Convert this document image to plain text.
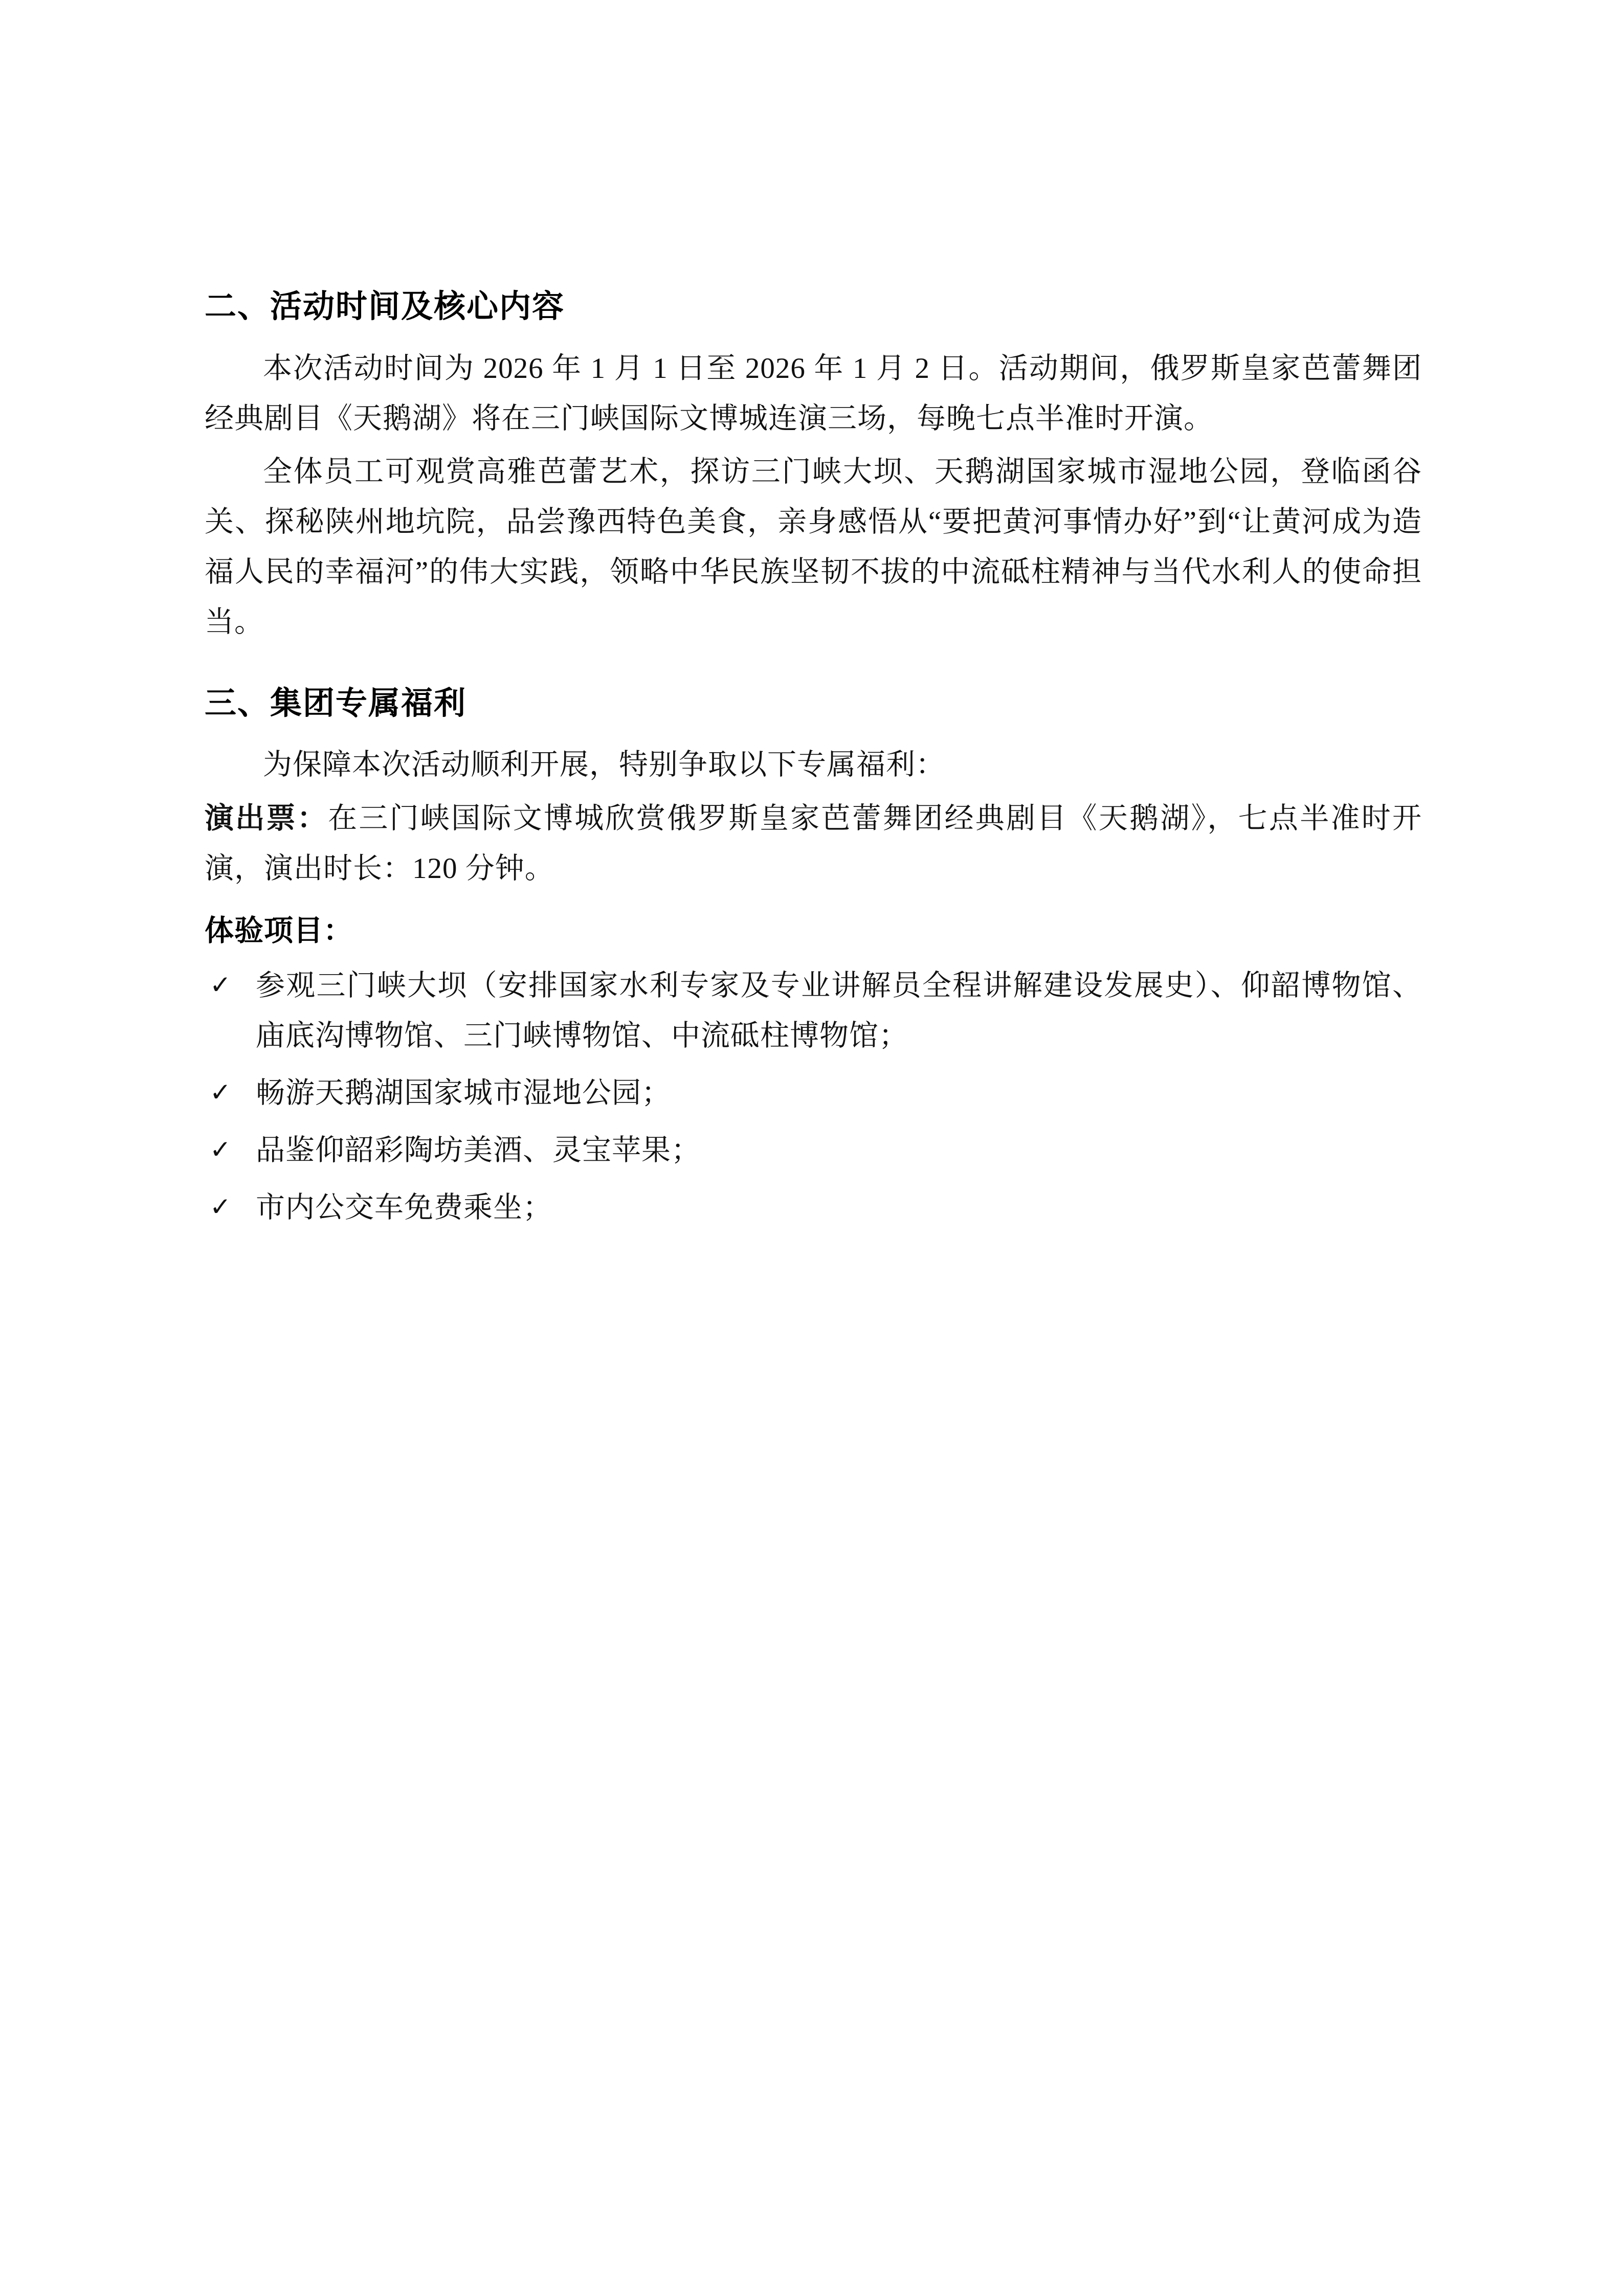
二、活动时间及核心内容

本次活动时间为 2026 年 1 月 1 日至 2026 年 1 月 2 日。活动期间，俄罗斯皇家芭蕾舞团经典剧目《天鹅湖》将在三门峡国际文博城连演三场，每晚七点半准时开演。

全体员工可观赏高雅芭蕾艺术，探访三门峡大坝、天鹅湖国家城市湿地公园，登临函谷关、探秘陕州地坑院，品尝豫西特色美食，亲身感悟从“要把黄河事情办好”到“让黄河成为造福人民的幸福河”的伟大实践，领略中华民族坚韧不拔的中流砥柱精神与当代水利人的使命担当。

三、集团专属福利

为保障本次活动顺利开展，特别争取以下专属福利：

演出票：在三门峡国际文博城欣赏俄罗斯皇家芭蕾舞团经典剧目《天鹅湖》，七点半准时开演，演出时长：120 分钟。

体验项目：

✓ 参观三门峡大坝（安排国家水利专家及专业讲解员全程讲解建设发展史）、仰韶博物馆、庙底沟博物馆、三门峡博物馆、中流砥柱博物馆；
✓ 畅游天鹅湖国家城市湿地公园；
✓ 品鉴仰韶彩陶坊美酒、灵宝苹果；
✓ 市内公交车免费乘坐；
